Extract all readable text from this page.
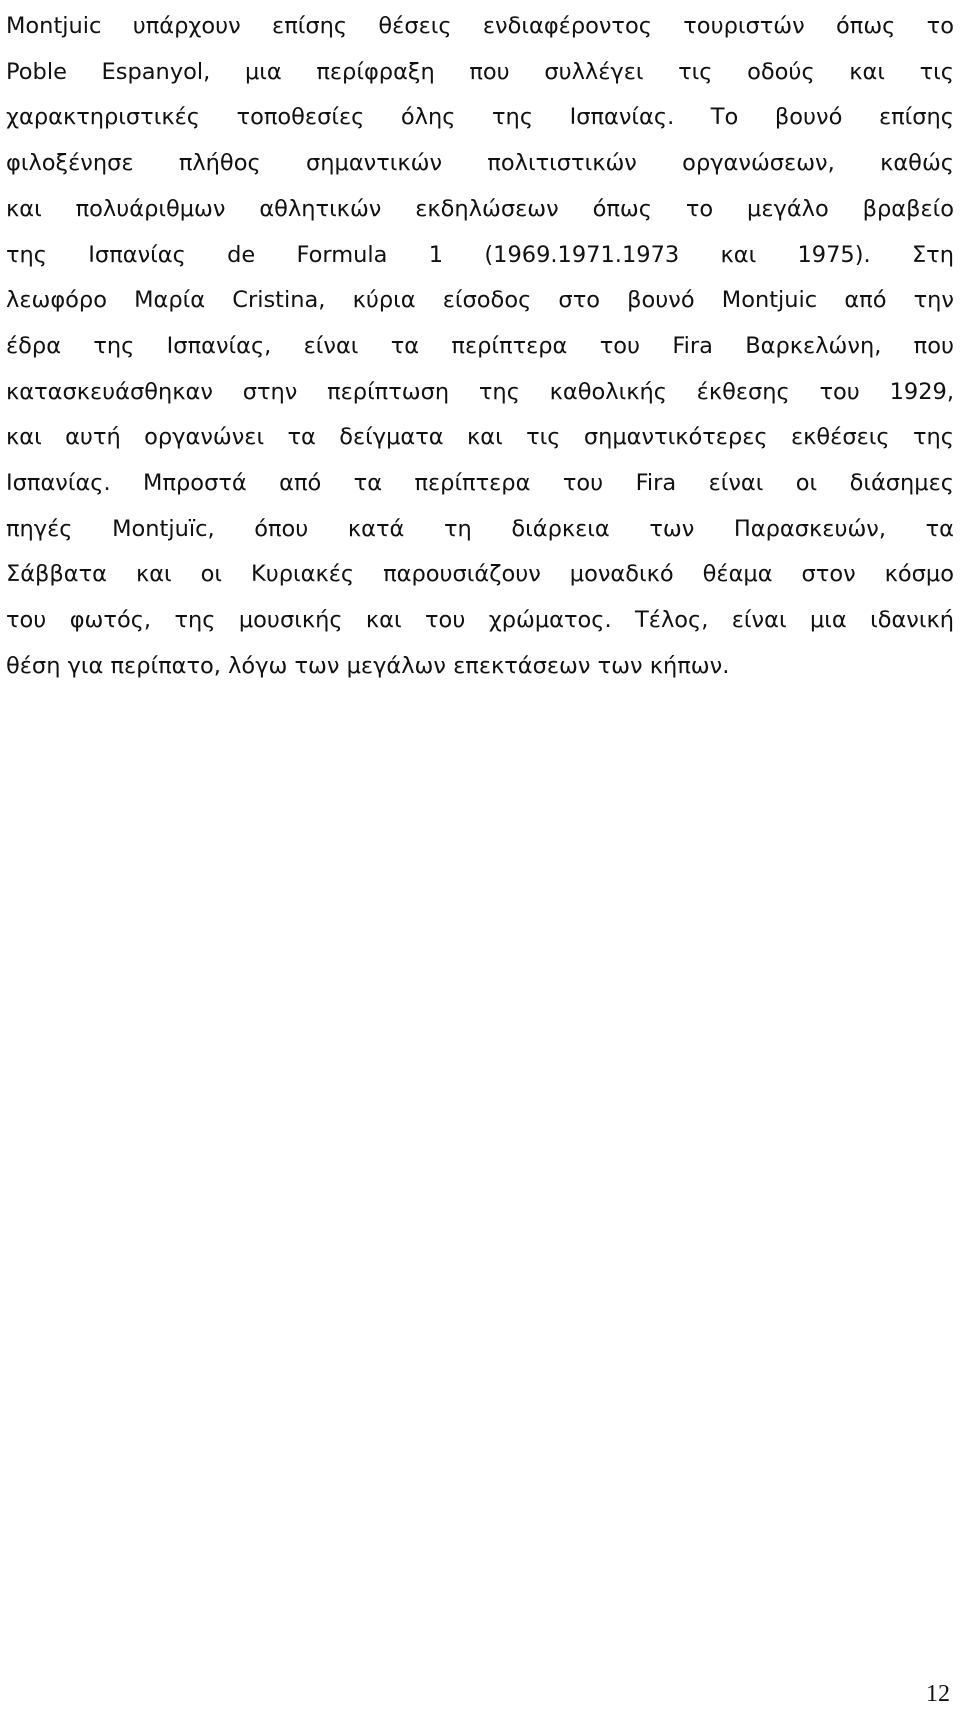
Montjuic υπάρχουν επίσης θέσεις ενδιαφέροντος τουριστών όπως το
Poble Espanyol, μια περίφραξη που συλλέγει τις οδούς και τις
χαρακτηριστικές τοποθεσίες όλης της Ισπανίας. Το βουνό επίσης
φιλοξένησε πλήθος σημαντικών πολιτιστικών οργανώσεων, καθώς
και πολυάριθμων αθλητικών εκδηλώσεων όπως το μεγάλο βραβείο
της Ισπανίας de Formula 1 (1969.1971.1973 και 1975). Στη
λεωφόρο Μαρία Cristina, κύρια είσοδος στο βουνό Montjuic από την
έδρα της Ισπανίας, είναι τα περίπτερα του Fira Βαρκελώνη, που
κατασκευάσθηκαν στην περίπτωση της καθολικής έκθεσης του 1929,
και αυτή οργανώνει τα δείγματα και τις σημαντικότερες εκθέσεις της
Ισπανίας. Μπροστά από τα περίπτερα του Fira είναι οι διάσημες
πηγές Montjuïc, όπου κατά τη διάρκεια των Παρασκευών, τα
Σάββατα και οι Κυριακές παρουσιάζουν μοναδικό θέαμα στον κόσμο
του φωτός, της μουσικής και του χρώματος. Τέλος, είναι μια ιδανική
θέση για περίπατο, λόγω των μεγάλων επεκτάσεων των κήπων.

12
